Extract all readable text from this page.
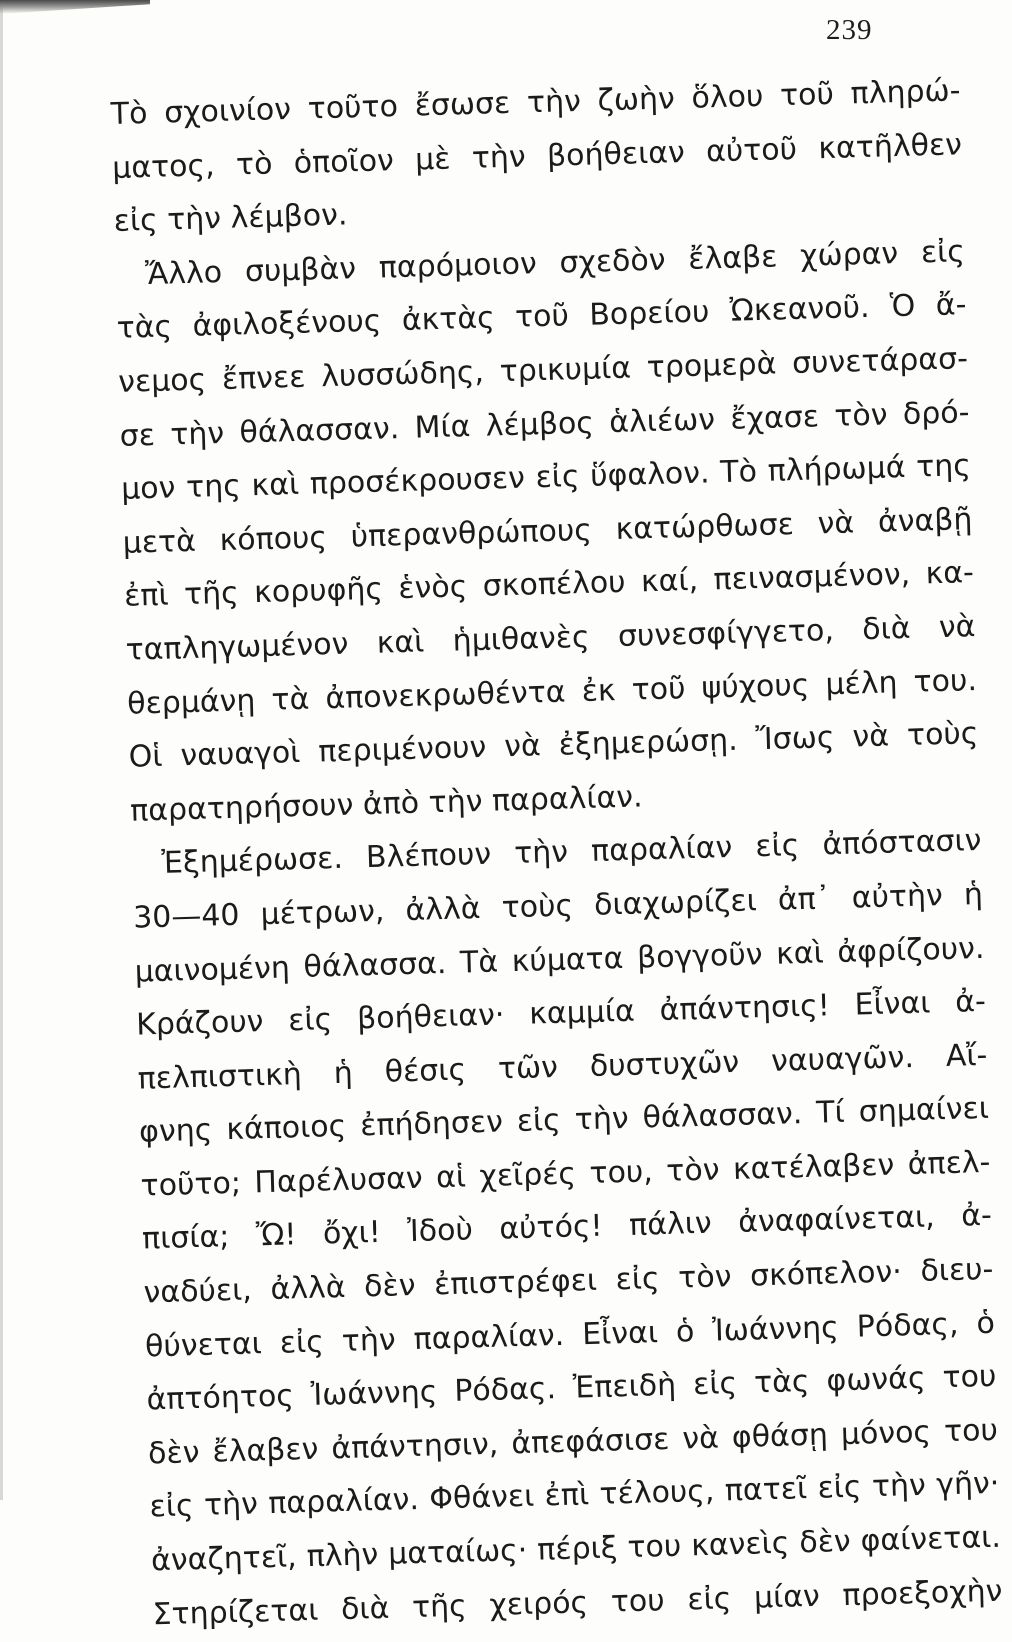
239
Τὸ σχοινίον τοῦτο ἔσωσε τὴν ζωὴν ὅλου τοῦ πληρώ-
ματος, τὸ ὁποῖον μὲ τὴν βοήθειαν αὐτοῦ κατῆλθεν
εἰς τὴν λέμβον.
Ἄλλο συμβὰν παρόμοιον σχεδὸν ἔλαβε χώραν εἰς
τὰς ἀφιλοξένους ἀκτὰς τοῦ Βορείου Ὠκεανοῦ. Ὁ ἄ-
νεμος ἔπνεε λυσσώδης, τρικυμία τρομερὰ συνετάρασ-
σε τὴν θάλασσαν. Μία λέμβος ἁλιέων ἔχασε τὸν δρό-
μον της καὶ προσέκρουσεν εἰς ὕφαλον. Τὸ πλήρωμά της
μετὰ κόπους ὑπερανθρώπους κατώρθωσε νὰ ἀναβῇ
ἐπὶ τῆς κορυφῆς ἑνὸς σκοπέλου καί, πεινασμένον, κα-
ταπληγωμένον καὶ ἡμιθανὲς συνεσφίγγετο, διὰ νὰ
θερμάνῃ τὰ ἀπονεκρωθέντα ἐκ τοῦ ψύχους μέλη του.
Οἱ ναυαγοὶ περιμένουν νὰ ἐξημερώσῃ. Ἴσως νὰ τοὺς
παρατηρήσουν ἀπὸ τὴν παραλίαν.
Ἐξημέρωσε. Βλέπουν τὴν παραλίαν εἰς ἀπόστασιν
30—40 μέτρων, ἀλλὰ τοὺς διαχωρίζει ἀπ᾿ αὐτὴν ἡ
μαινομένη θάλασσα. Τὰ κύματα βογγοῦν καὶ ἀφρίζουν.
Κράζουν εἰς βοήθειαν· καμμία ἀπάντησις! Εἶναι ἀ-
πελπιστικὴ ἡ θέσις τῶν δυστυχῶν ναυαγῶν. Αἴ-
φνης κάποιος ἐπήδησεν εἰς τὴν θάλασσαν. Τί σημαίνει
τοῦτο; Παρέλυσαν αἱ χεῖρές του, τὸν κατέλαβεν ἀπελ-
πισία; Ὤ! ὄχι! Ἰδοὺ αὐτός! πάλιν ἀναφαίνεται, ἀ-
ναδύει, ἀλλὰ δὲν ἐπιστρέφει εἰς τὸν σκόπελον· διευ-
θύνεται εἰς τὴν παραλίαν. Εἶναι ὁ Ἰωάννης Ρόδας, ὁ
ἀπτόητος Ἰωάννης Ρόδας. Ἐπειδὴ εἰς τὰς φωνάς του
δὲν ἔλαβεν ἀπάντησιν, ἀπεφάσισε νὰ φθάσῃ μόνος του
εἰς τὴν παραλίαν. Φθάνει ἐπὶ τέλους, πατεῖ εἰς τὴν γῆν·
ἀναζητεῖ, πλὴν ματαίως· πέριξ του κανεὶς δὲν φαίνεται.
Στηρίζεται διὰ τῆς χειρός του εἰς μίαν προεξοχὴν
